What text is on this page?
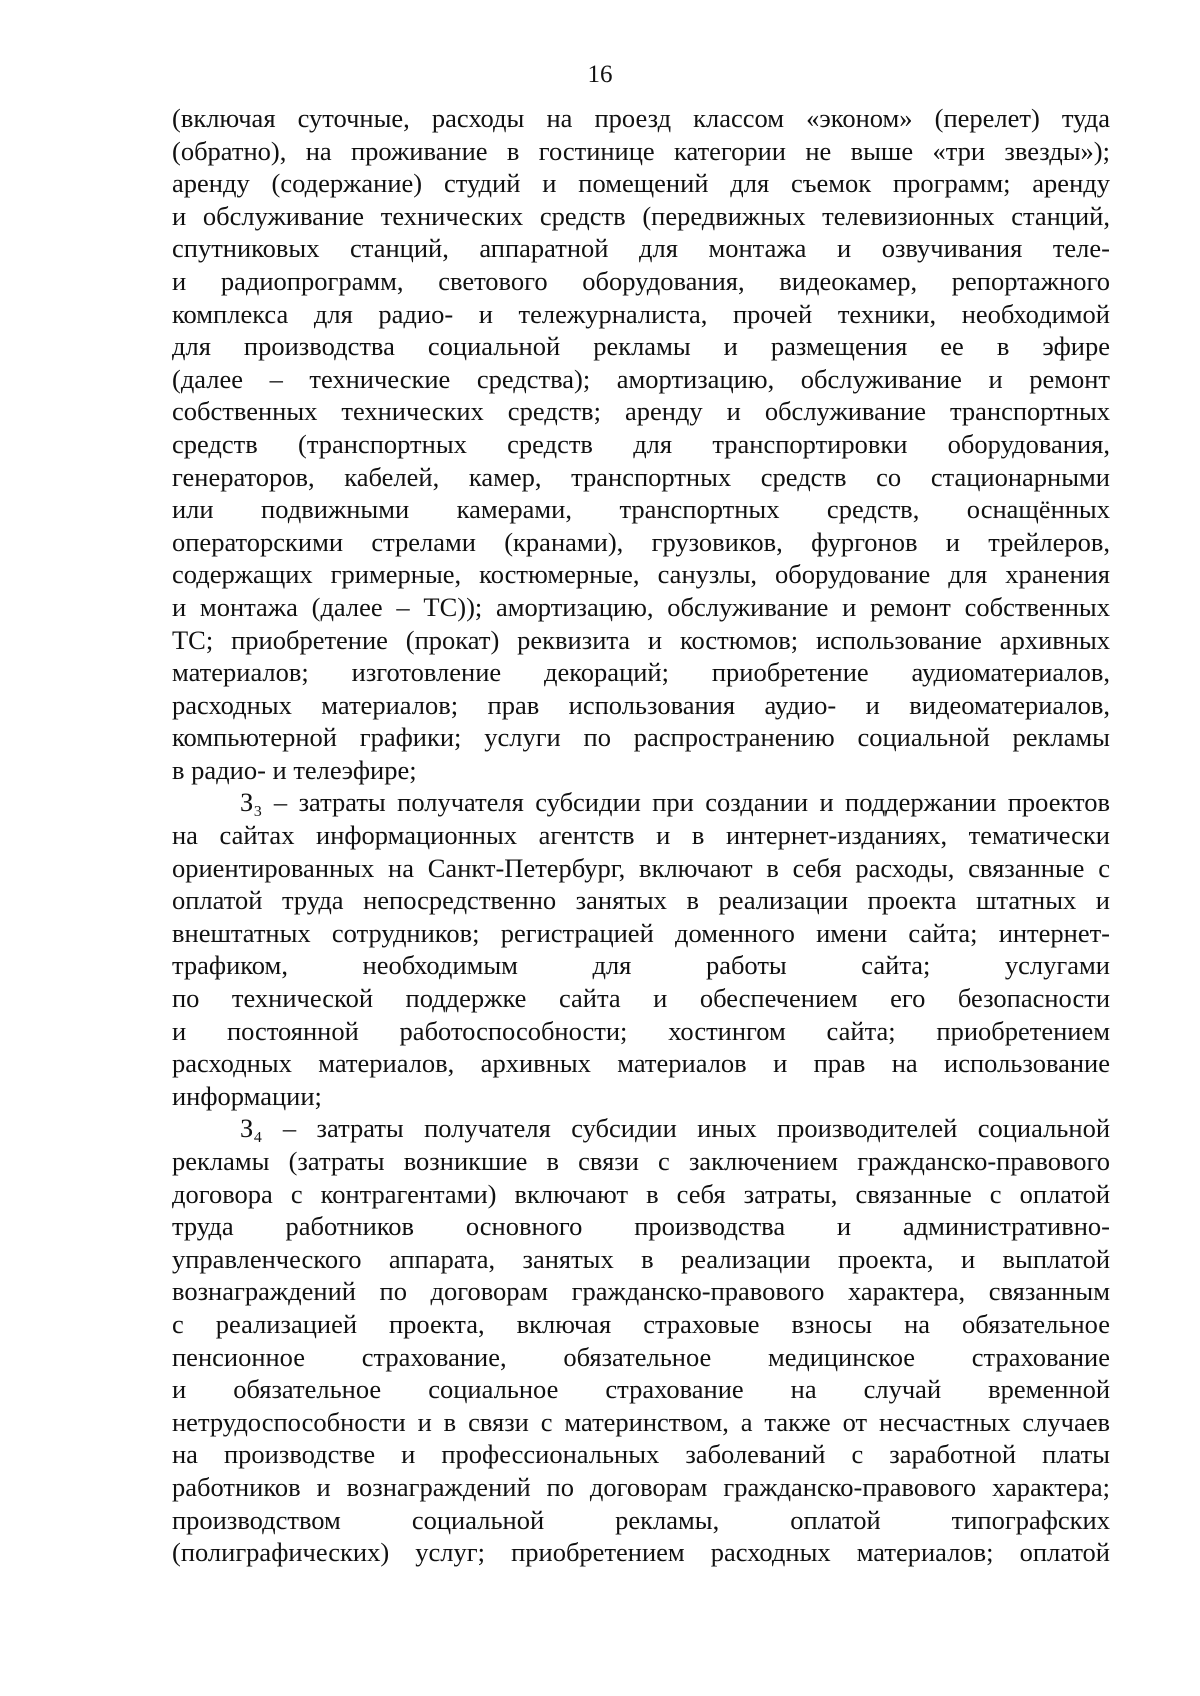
16
(включая суточные, расходы на проезд классом «эконом» (перелет) туда
(обратно), на проживание в гостинице категории не выше «три звезды»);
аренду (содержание) студий и помещений для съемок программ; аренду
и обслуживание технических средств (передвижных телевизионных станций,
спутниковых станций, аппаратной для монтажа и озвучивания теле-
и радиопрограмм, светового оборудования, видеокамер, репортажного
комплекса для радио- и тележурналиста, прочей техники, необходимой
для производства социальной рекламы и размещения ее в эфире
(далее – технические средства); амортизацию, обслуживание и ремонт
собственных технических средств; аренду и обслуживание транспортных
средств (транспортных средств для транспортировки оборудования,
генераторов, кабелей, камер, транспортных средств со стационарными
или подвижными камерами, транспортных средств, оснащённых
операторскими стрелами (кранами), грузовиков, фургонов и трейлеров,
содержащих гримерные, костюмерные, санузлы, оборудование для хранения
и монтажа (далее – ТС)); амортизацию, обслуживание и ремонт собственных
ТС; приобретение (прокат) реквизита и костюмов; использование архивных
материалов; изготовление декораций; приобретение аудиоматериалов,
расходных материалов; прав использования аудио- и видеоматериалов,
компьютерной графики; услуги по распространению социальной рекламы
в радио- и телеэфире;
З₃ – затраты получателя субсидии при создании и поддержании проектов
на сайтах информационных агентств и в интернет-изданиях, тематически
ориентированных на Санкт-Петербург, включают в себя расходы, связанные с
оплатой труда непосредственно занятых в реализации проекта штатных и
внештатных сотрудников; регистрацией доменного имени сайта; интернет-
трафиком, необходимым для работы сайта; услугами
по технической поддержке сайта и обеспечением его безопасности
и постоянной работоспособности; хостингом сайта; приобретением
расходных материалов, архивных материалов и прав на использование
информации;
З₄ – затраты получателя субсидии иных производителей социальной
рекламы (затраты возникшие в связи с заключением гражданско-правового
договора с контрагентами) включают в себя затраты, связанные с оплатой
труда работников основного производства и административно-
управленческого аппарата, занятых в реализации проекта, и выплатой
вознаграждений по договорам гражданско-правового характера, связанным
с реализацией проекта, включая страховые взносы на обязательное
пенсионное страхование, обязательное медицинское страхование
и обязательное социальное страхование на случай временной
нетрудоспособности и в связи с материнством, а также от несчастных случаев
на производстве и профессиональных заболеваний с заработной платы
работников и вознаграждений по договорам гражданско-правового характера;
производством социальной рекламы, оплатой типографских
(полиграфических) услуг; приобретением расходных материалов; оплатой
